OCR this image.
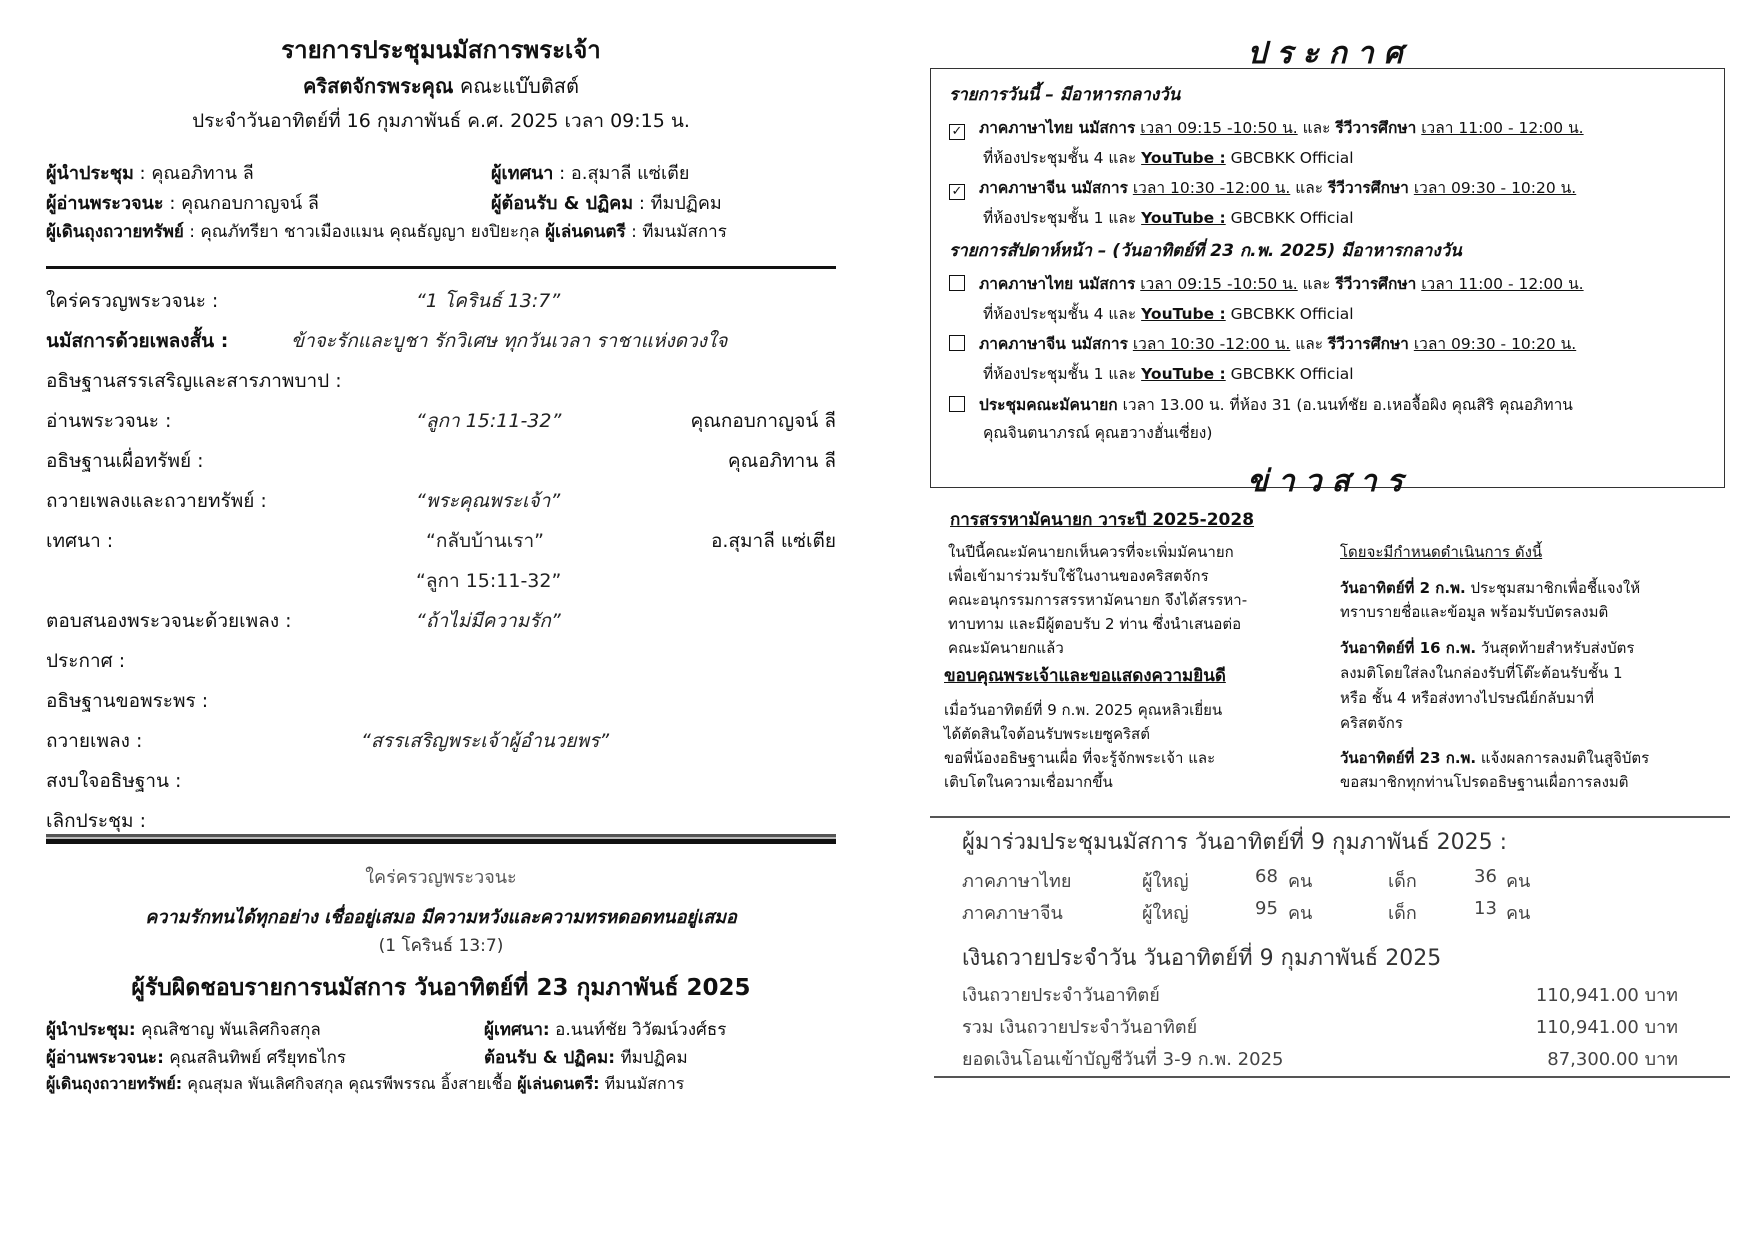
รายการประชุมนมัสการพระเจ้า
คริสตจักรพระคุณ คณะแบ๊บติสต์
ประจำวันอาทิตย์ที่ 16 กุมภาพันธ์ ค.ศ. 2025 เวลา 09:15 น.
ผู้นำประชุม : คุณอภิทาน ลี	ผู้เทศนา : อ.สุมาลี แซ่เตีย
ผู้อ่านพระวจนะ : คุณกอบกาญจน์ ลี	ผู้ต้อนรับ & ปฏิคม : ทีมปฏิคม
ผู้เดินถุงถวายทรัพย์ : คุณภัทรียา ชาวเมืองแมน คุณธัญญา ยงปิยะกุล ผู้เล่นดนตรี : ทีมนมัสการ
ใคร่ครวญพระวจนะ :	“1 โครินธ์ 13:7”
นมัสการด้วยเพลงสั้น :	ข้าจะรักและบูชา รักวิเศษ ทุกวันเวลา ราชาแห่งดวงใจ
อธิษฐานสรรเสริญและสารภาพบาป :
อ่านพระวจนะ :	“ลูกา 15:11-32”	คุณกอบกาญจน์ ลี
อธิษฐานเผื่อทรัพย์ :	คุณอภิทาน ลี
ถวายเพลงและถวายทรัพย์ :	“พระคุณพระเจ้า”
เทศนา :	“กลับบ้านเรา”	อ.สุมาลี แซ่เตีย
“ลูกา 15:11-32”
ตอบสนองพระวจนะด้วยเพลง :	“ถ้าไม่มีความรัก”
ประกาศ :
อธิษฐานขอพระพร :
ถวายเพลง :	“สรรเสริญพระเจ้าผู้อำนวยพร”
สงบใจอธิษฐาน :
เลิกประชุม :
ใคร่ครวญพระวจนะ
ความรักทนได้ทุกอย่าง เชื่ออยู่เสมอ มีความหวังและความทรหดอดทนอยู่เสมอ
(1 โครินธ์ 13:7)
ผู้รับผิดชอบรายการนมัสการ วันอาทิตย์ที่ 23 กุมภาพันธ์ 2025
ผู้นำประชุม: คุณสิชาญ พันเลิศกิจสกุล	ผู้เทศนา: อ.นนท์ชัย วิวัฒน์วงศ์ธร
ผู้อ่านพระวจนะ: คุณสลินทิพย์ ศรียุทธไกร	ต้อนรับ & ปฏิคม: ทีมปฏิคม
ผู้เดินถุงถวายทรัพย์: คุณสุมล พันเลิศกิจสกุล คุณรพีพรรณ อิ้งสายเชื้อ ผู้เล่นดนตรี: ทีมนมัสการ
ประกาศ
รายการวันนี้ – มีอาหารกลางวัน
✓ ภาคภาษาไทย นมัสการ เวลา 09:15 -10:50 น. และ รีวีวารศึกษา เวลา 11:00 - 12:00 น.
ที่ห้องประชุมชั้น 4 และ YouTube : GBCBKK Official
✓ ภาคภาษาจีน นมัสการ เวลา 10:30 -12:00 น. และ รีวีวารศึกษา เวลา 09:30 - 10:20 น.
ที่ห้องประชุมชั้น 1 และ YouTube : GBCBKK Official
รายการสัปดาห์หน้า – (วันอาทิตย์ที่ 23 ก.พ. 2025) มีอาหารกลางวัน
ภาคภาษาไทย นมัสการ เวลา 09:15 -10:50 น. และ รีวีวารศึกษา เวลา 11:00 - 12:00 น.
ที่ห้องประชุมชั้น 4 และ YouTube : GBCBKK Official
ภาคภาษาจีน นมัสการ เวลา 10:30 -12:00 น. และ รีวีวารศึกษา เวลา 09:30 - 10:20 น.
ที่ห้องประชุมชั้น 1 และ YouTube : GBCBKK Official
ประชุมคณะมัคนายก เวลา 13.00 น. ที่ห้อง 31 (อ.นนท์ชัย อ.เหอจื้อผิง คุณสิริ คุณอภิทาน
คุณจินตนาภรณ์ คุณฮวางฮั่นเซี่ยง)
ข่าวสาร
การสรรหามัคนายก วาระปี 2025-2028
ในปีนี้คณะมัคนายกเห็นควรที่จะเพิ่มมัคนายก
เพื่อเข้ามาร่วมรับใช้ในงานของคริสตจักร
คณะอนุกรรมการสรรหามัคนายก จึงได้สรรหา-
ทาบทาม และมีผู้ตอบรับ 2 ท่าน ซึ่งนำเสนอต่อ
คณะมัคนายกแล้ว
ขอบคุณพระเจ้าและขอแสดงความยินดี
เมื่อวันอาทิตย์ที่ 9 ก.พ. 2025 คุณหลิวเยี่ยน
ได้ตัดสินใจต้อนรับพระเยซูคริสต์
ขอพี่น้องอธิษฐานเผื่อ ที่จะรู้จักพระเจ้า และ
เติบโตในความเชื่อมากขึ้น
โดยจะมีกำหนดดำเนินการ ดังนี้
วันอาทิตย์ที่ 2 ก.พ. ประชุมสมาชิกเพื่อชี้แจงให้
ทราบรายชื่อและข้อมูล พร้อมรับบัตรลงมติ
วันอาทิตย์ที่ 16 ก.พ. วันสุดท้ายสำหรับส่งบัตร
ลงมติโดยใส่ลงในกล่องรับที่โต๊ะต้อนรับชั้น 1
หรือ ชั้น 4 หรือส่งทางไปรษณีย์กลับมาที่
คริสตจักร
วันอาทิตย์ที่ 23 ก.พ. แจ้งผลการลงมติในสูจิบัตร
ขอสมาชิกทุกท่านโปรดอธิษฐานเผื่อการลงมติ
ผู้มาร่วมประชุมนมัสการ วันอาทิตย์ที่ 9 กุมภาพันธ์ 2025 :
ภาคภาษาไทย	ผู้ใหญ่	68 คน	เด็ก	36 คน
ภาคภาษาจีน	ผู้ใหญ่	95 คน	เด็ก	13 คน
เงินถวายประจำวัน วันอาทิตย์ที่ 9 กุมภาพันธ์ 2025
เงินถวายประจำวันอาทิตย์	110,941.00 บาท
รวม เงินถวายประจำวันอาทิตย์	110,941.00 บาท
ยอดเงินโอนเข้าบัญชีวันที่ 3-9 ก.พ. 2025	87,300.00 บาท
